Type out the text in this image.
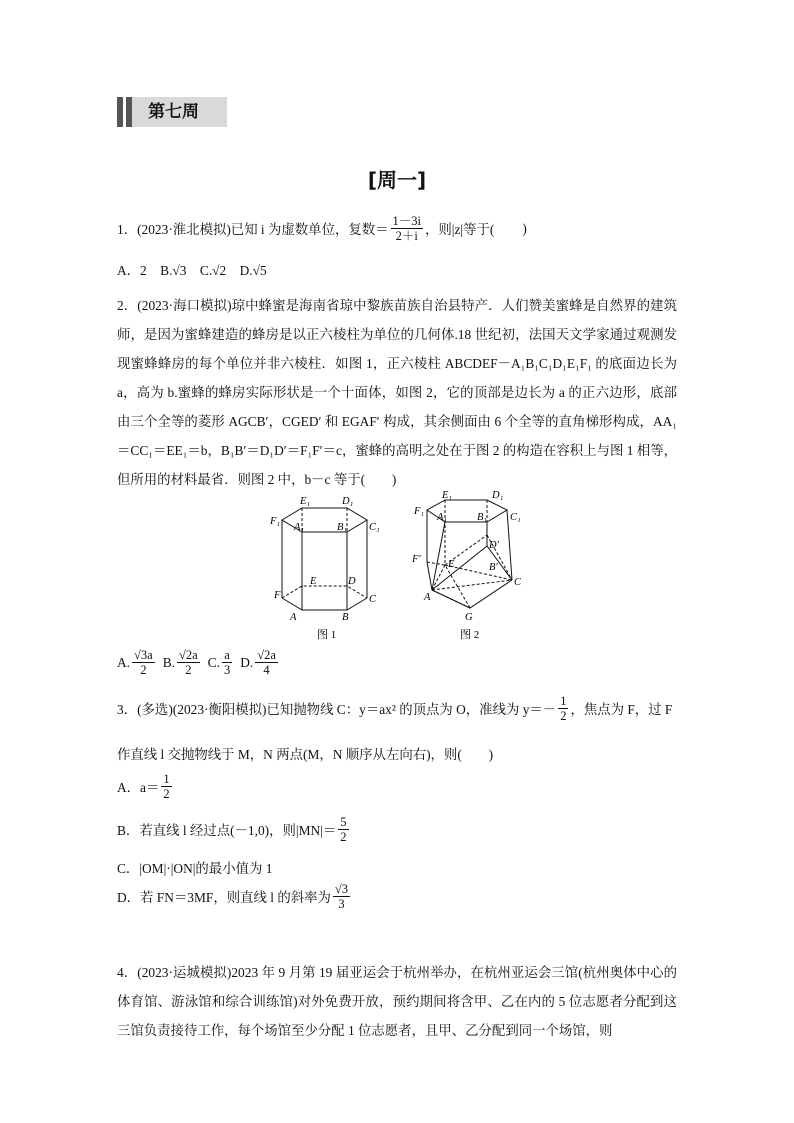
第七周
[周一]
1．(2023·淮北模拟)已知 i 为虚数单位，复数 ＝ $\frac{1-3i}{2+i}$ ，则|z|等于( )
A．2　B.√3　C.√2　D.√5
2．(2023·海口模拟)琼中蜂蜜是海南省琼中黎族苗族自治县特产．人们赞美蜜蜂是自然界的建筑师，是因为蜜蜂建造的蜂房是以正六棱柱为单位的几何体.18 世纪初，法国天文学家通过观测发现蜜蜂蜂房的每个单位并非六棱柱．如图 1，正六棱柱 ABCDEF－A₁B₁C₁D₁E₁F₁ 的底面边长为 a，高为 b.蜜蜂的蜂房实际形状是一个十面体，如图 2，它的顶部是边长为 a 的正六边形，底部由三个全等的菱形 AGCB′，CGED′ 和 EGAF′ 构成，其余侧面由 6 个全等的直角梯形构成，AA₁＝CC₁＝EE₁＝b，B₁B′＝D₁D′＝F₁F′＝c，蜜蜂的高明之处在于图 2 的构造在容积上与图 1 相等，但所用的材料最省．则图 2 中，b－c 等于(　　)
E₁	D₁
F₁
A₁	B₁ C₁
E	D
F	C
A	B
图 1
E₁	D₁
F₁
A₁	B₁ C₁
D′
F′	E	B′
C
A
G
图 2
A. $\frac{√3a}{2} B$. $\frac{√2a}{2} C$. $\frac{a}{3} D$. $\frac{√2a}{4}$
3．(多选)(2023·衡阳模拟)已知抛物线 C：y＝ax² 的顶点为 O，准线为 $y=- \frac{1}{2}$ ，焦点为 F，过 F
作直线 l 交抛物线于 M，N 两点(M，N 顺序从左向右)，则(　　)
A．$a= \frac{1}{2}$
B．若直线 l 经过点(－1,0)，则$|MN|= \frac{5}{2}$
C．|OM|·|ON|的最小值为 1
D．若 FN＝3MF，则直线 l 的斜率为 $\frac{√3}{3}$
4．(2023·运城模拟)2023 年 9 月第 19 届亚运会于杭州举办，在杭州亚运会三馆(杭州奥体中心的体育馆、游泳馆和综合训练馆)对外免费开放，预约期间将含甲、乙在内的 5 位志愿者分配到这三馆负责接待工作，每个场馆至少分配 1 位志愿者，且甲、乙分配到同一个场馆，则
